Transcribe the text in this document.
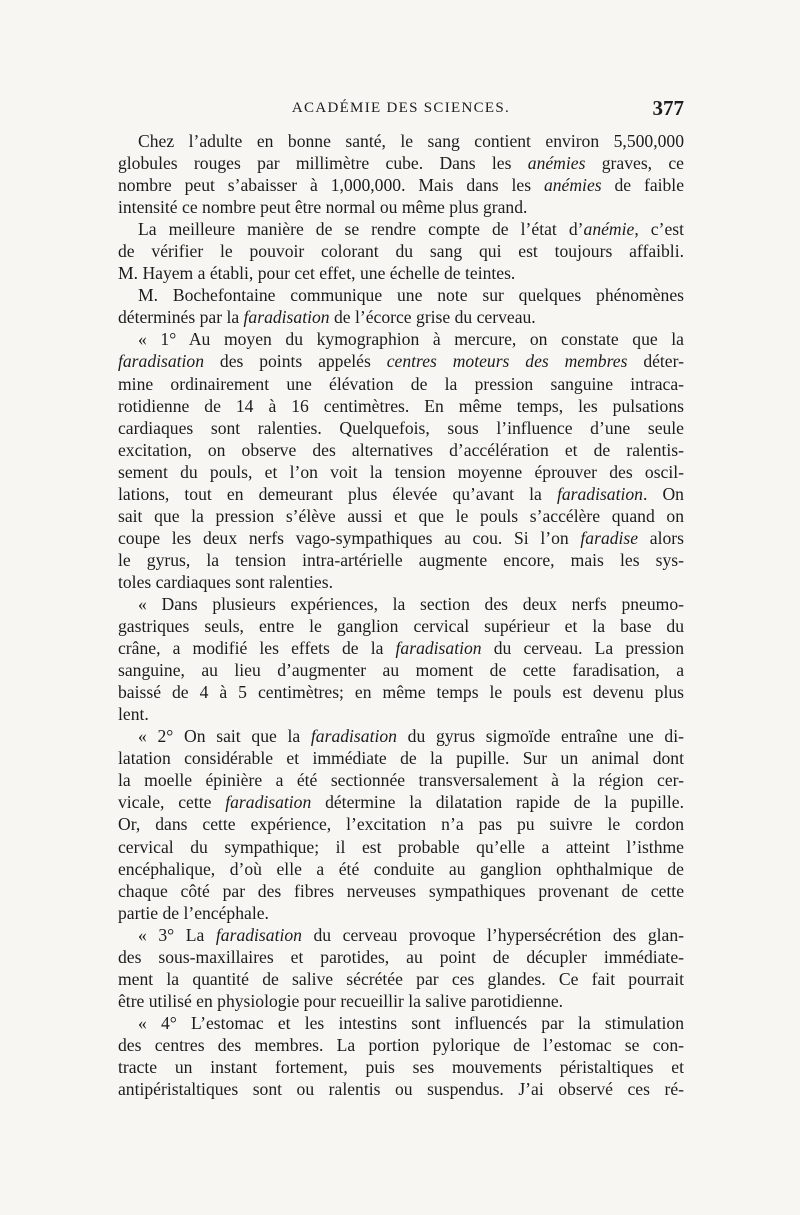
ACADÉMIE DES SCIENCES.	377
Chez l’adulte en bonne santé, le sang contient environ 5,500,000
globules rouges par millimètre cube. Dans les anémies graves, ce
nombre peut s’abaisser à 1,000,000. Mais dans les anémies de faible
intensité ce nombre peut être normal ou même plus grand.
La meilleure manière de se rendre compte de l’état d’anémie, c’est
de vérifier le pouvoir colorant du sang qui est toujours affaibli.
M. Hayem a établi, pour cet effet, une échelle de teintes.
M. Bochefontaine communique une note sur quelques phénomènes
déterminés par la faradisation de l’écorce grise du cerveau.
« 1° Au moyen du kymographion à mercure, on constate que la
faradisation des points appelés centres moteurs des membres déter-
mine ordinairement une élévation de la pression sanguine intraca-
rotidienne de 14 à 16 centimètres. En même temps, les pulsations
cardiaques sont ralenties. Quelquefois, sous l’influence d’une seule
excitation, on observe des alternatives d’accélération et de ralentis-
sement du pouls, et l’on voit la tension moyenne éprouver des oscil-
lations, tout en demeurant plus élevée qu’avant la faradisation. On
sait que la pression s’élève aussi et que le pouls s’accélère quand on
coupe les deux nerfs vago-sympathiques au cou. Si l’on faradise alors
le gyrus, la tension intra-artérielle augmente encore, mais les sys-
toles cardiaques sont ralenties.
« Dans plusieurs expériences, la section des deux nerfs pneumo-
gastriques seuls, entre le ganglion cervical supérieur et la base du
crâne, a modifié les effets de la faradisation du cerveau. La pression
sanguine, au lieu d’augmenter au moment de cette faradisation, a
baissé de 4 à 5 centimètres; en même temps le pouls est devenu plus
lent.
« 2° On sait que la faradisation du gyrus sigmoïde entraîne une di-
latation considérable et immédiate de la pupille. Sur un animal dont
la moelle épinière a été sectionnée transversalement à la région cer-
vicale, cette faradisation détermine la dilatation rapide de la pupille.
Or, dans cette expérience, l’excitation n’a pas pu suivre le cordon
cervical du sympathique; il est probable qu’elle a atteint l’isthme
encéphalique, d’où elle a été conduite au ganglion ophthalmique de
chaque côté par des fibres nerveuses sympathiques provenant de cette
partie de l’encéphale.
« 3° La faradisation du cerveau provoque l’hypersécrétion des glan-
des sous-maxillaires et parotides, au point de décupler immédiate-
ment la quantité de salive sécrétée par ces glandes. Ce fait pourrait
être utilisé en physiologie pour recueillir la salive parotidienne.
« 4° L’estomac et les intestins sont influencés par la stimulation
des centres des membres. La portion pylorique de l’estomac se con-
tracte un instant fortement, puis ses mouvements péristaltiques et
antipéristaltiques sont ou ralentis ou suspendus. J’ai observé ces ré-
